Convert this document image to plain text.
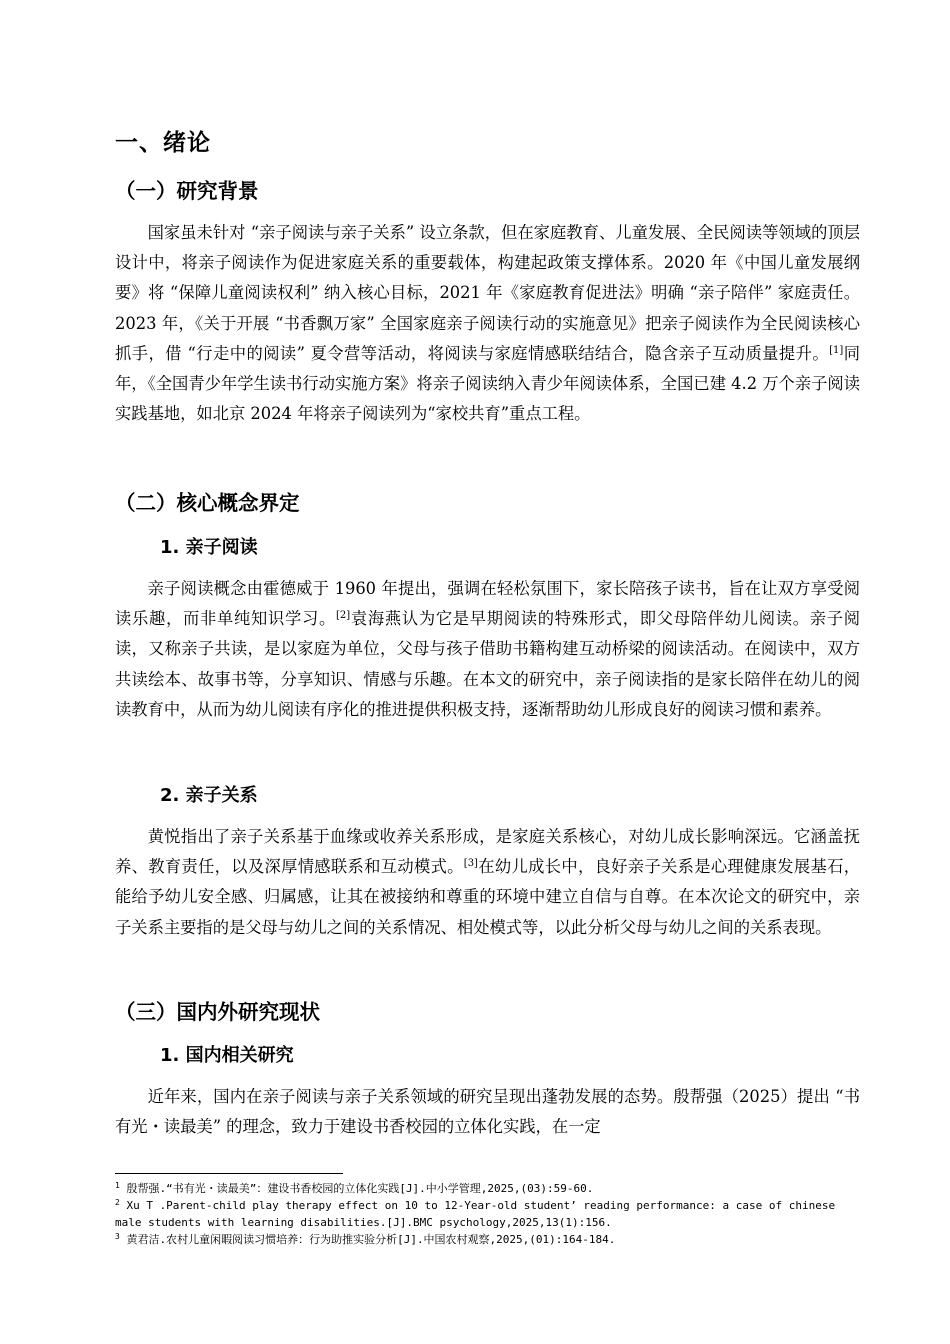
一、绪论
（一）研究背景

国家虽未针对 “亲子阅读与亲子关系” 设立条款，但在家庭教育、儿童发展、全民阅读等领域的顶层设计中，将亲子阅读作为促进家庭关系的重要载体，构建起政策支撑体系。2020 年《中国儿童发展纲要》将 “保障儿童阅读权利” 纳入核心目标，2021 年《家庭教育促进法》明确 “亲子陪伴” 家庭责任。2023 年，《关于开展 “书香飘万家” 全国家庭亲子阅读行动的实施意见》把亲子阅读作为全民阅读核心抓手，借 “行走中的阅读” 夏令营等活动，将阅读与家庭情感联结结合，隐含亲子互动质量提升。[1]同年，《全国青少年学生读书行动实施方案》将亲子阅读纳入青少年阅读体系，全国已建 4.2 万个亲子阅读实践基地，如北京 2024 年将亲子阅读列为“家校共育”重点工程。

（二）核心概念界定
1. 亲子阅读

亲子阅读概念由霍德威于 1960 年提出，强调在轻松氛围下，家长陪孩子读书，旨在让双方享受阅读乐趣，而非单纯知识学习。[2]袁海燕认为它是早期阅读的特殊形式，即父母陪伴幼儿阅读。亲子阅读，又称亲子共读，是以家庭为单位，父母与孩子借助书籍构建互动桥梁的阅读活动。在阅读中，双方共读绘本、故事书等，分享知识、情感与乐趣。在本文的研究中，亲子阅读指的是家长陪伴在幼儿的阅读教育中，从而为幼儿阅读有序化的推进提供积极支持，逐渐帮助幼儿形成良好的阅读习惯和素养。

2. 亲子关系

黄悦指出了亲子关系基于血缘或收养关系形成，是家庭关系核心，对幼儿成长影响深远。它涵盖抚养、教育责任，以及深厚情感联系和互动模式。[3]在幼儿成长中，良好亲子关系是心理健康发展基石，能给予幼儿安全感、归属感，让其在被接纳和尊重的环境中建立自信与自尊。在本次论文的研究中，亲子关系主要指的是父母与幼儿之间的关系情况、相处模式等，以此分析父母与幼儿之间的关系表现。

（三）国内外研究现状
1. 国内相关研究

近年来，国内在亲子阅读与亲子关系领域的研究呈现出蓬勃发展的态势。殷帮强（2025）提出 “书有光・读最美” 的理念，致力于建设书香校园的立体化实践，在一定

$^1$ 殷帮强.“书有光・读最美”：建设书香校园的立体化实践[J].中小学管理,2025,(03):59-60.

$^2$ Xu T .Parent-child play therapy effect on 10 to 12-Year-old student’ reading performance: a case of chinese male students with learning disabilities.[J].BMC psychology,2025,13(1):156.

$^3$ 黄君洁.农村儿童闲暇阅读习惯培养：行为助推实验分析[J].中国农村观察,2025,(01):164-184.
